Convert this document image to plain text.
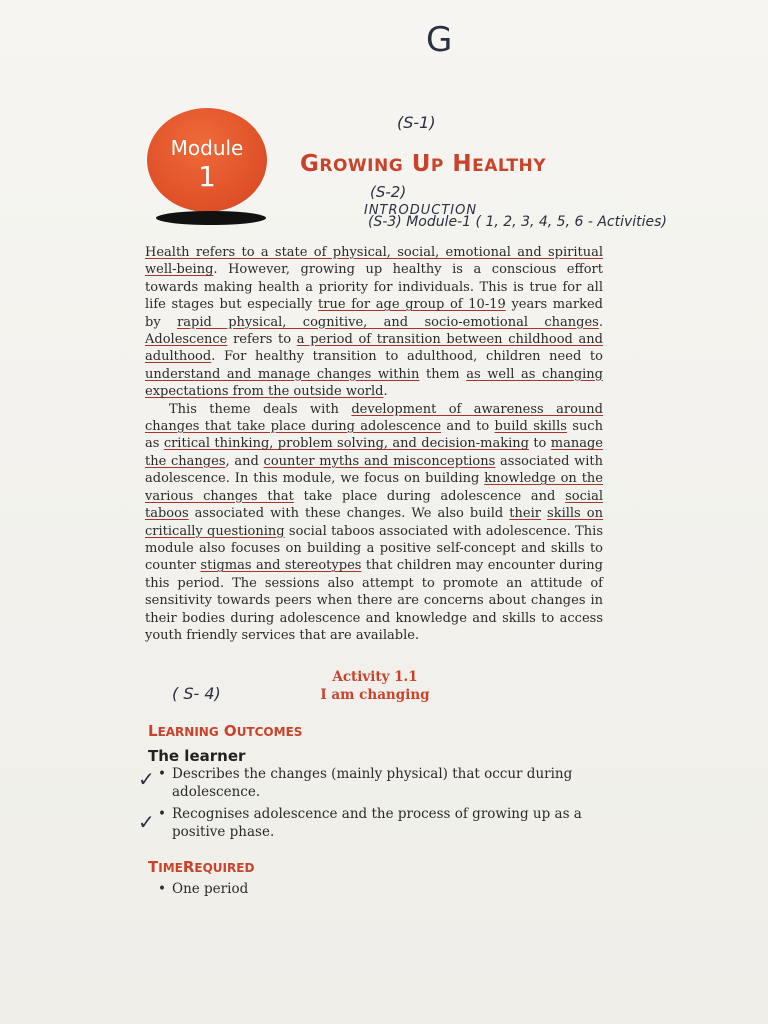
G
(S-1)
(S-2)
INTRODUCTION
(S-3) Module-1 ( 1, 2, 3, 4, 5, 6 - Activities)
Module
1	GROWING UP HEALTHY

Health refers to a state of physical, social, emotional and spiritual well-being. However, growing up healthy is a conscious effort towards making health a priority for individuals. This is true for all life stages but especially true for age group of 10-19 years marked by rapid physical, cognitive, and socio-emotional changes. Adolescence refers to a period of transition between childhood and adulthood. For healthy transition to adulthood, children need to understand and manage changes within them as well as changing expectations from the outside world.

This theme deals with development of awareness around changes that take place during adolescence and to build skills such as critical thinking, problem solving, and decision-making to manage the changes, and counter myths and misconceptions associated with adolescence. In this module, we focus on building knowledge on the various changes that take place during adolescence and social taboos associated with these changes. We also build their skills on critically questioning social taboos associated with adolescence. This module also focuses on building a positive self-concept and skills to counter stigmas and stereotypes that children may encounter during this period. The sessions also attempt to promote an attitude of sensitivity towards peers when there are concerns about changes in their bodies during adolescence and knowledge and skills to access youth friendly services that are available.

( S- 4)
Activity 1.1
I am changing
LEARNING OUTCOMES
The learner
✓
✓
• Describes the changes (mainly physical) that occur during adolescence.
• Recognises adolescence and the process of growing up as a positive phase.
TIMEREQUIRED
• One period
